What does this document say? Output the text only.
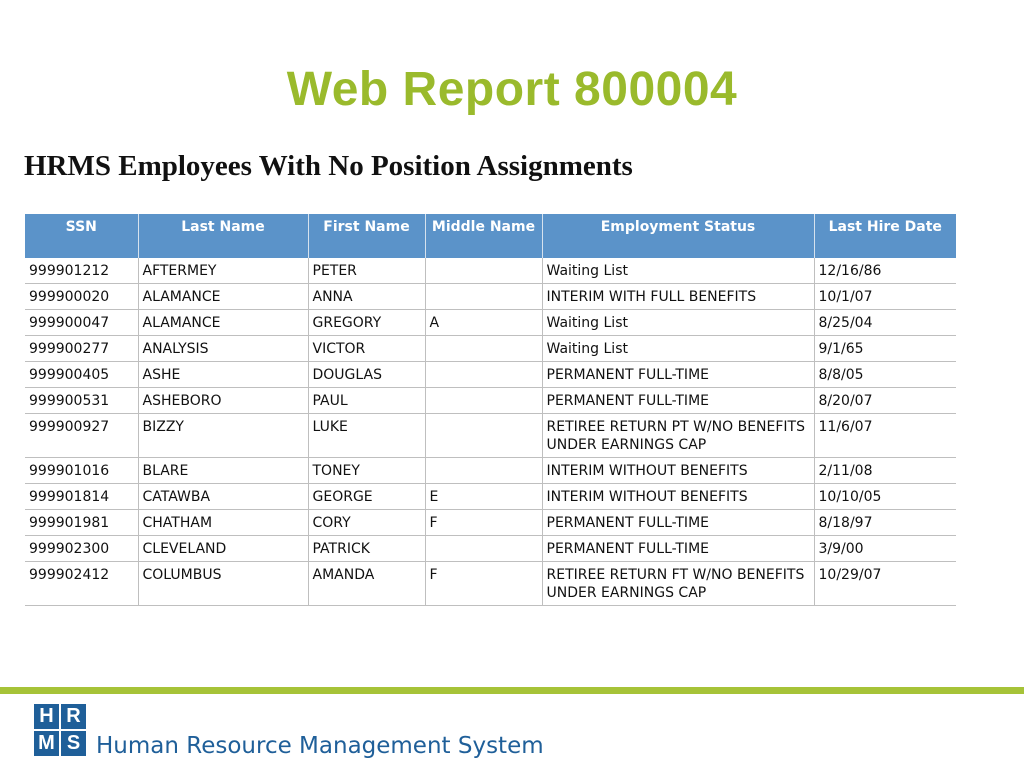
Web Report 800004
HRMS Employees With No Position Assignments
SSN	Last Name	First Name	Middle Name	Employment Status	Last Hire Date
999901212	AFTERMEY	PETER		Waiting List	12/16/86
999900020	ALAMANCE	ANNA		INTERIM WITH FULL BENEFITS	10/1/07
999900047	ALAMANCE	GREGORY	A	Waiting List	8/25/04
999900277	ANALYSIS	VICTOR		Waiting List	9/1/65
999900405	ASHE	DOUGLAS		PERMANENT FULL-TIME	8/8/05
999900531	ASHEBORO	PAUL		PERMANENT FULL-TIME	8/20/07
999900927	BIZZY	LUKE		RETIREE RETURN PT W/NO BENEFITS UNDER EARNINGS CAP	11/6/07
999901016	BLARE	TONEY		INTERIM WITHOUT BENEFITS	2/11/08
999901814	CATAWBA	GEORGE	E	INTERIM WITHOUT BENEFITS	10/10/05
999901981	CHATHAM	CORY	F	PERMANENT FULL-TIME	8/18/97
999902300	CLEVELAND	PATRICK		PERMANENT FULL-TIME	3/9/00
999902412	COLUMBUS	AMANDA	F	RETIREE RETURN FT W/NO BENEFITS UNDER EARNINGS CAP	10/29/07
H R
M S Human Resource Management System
